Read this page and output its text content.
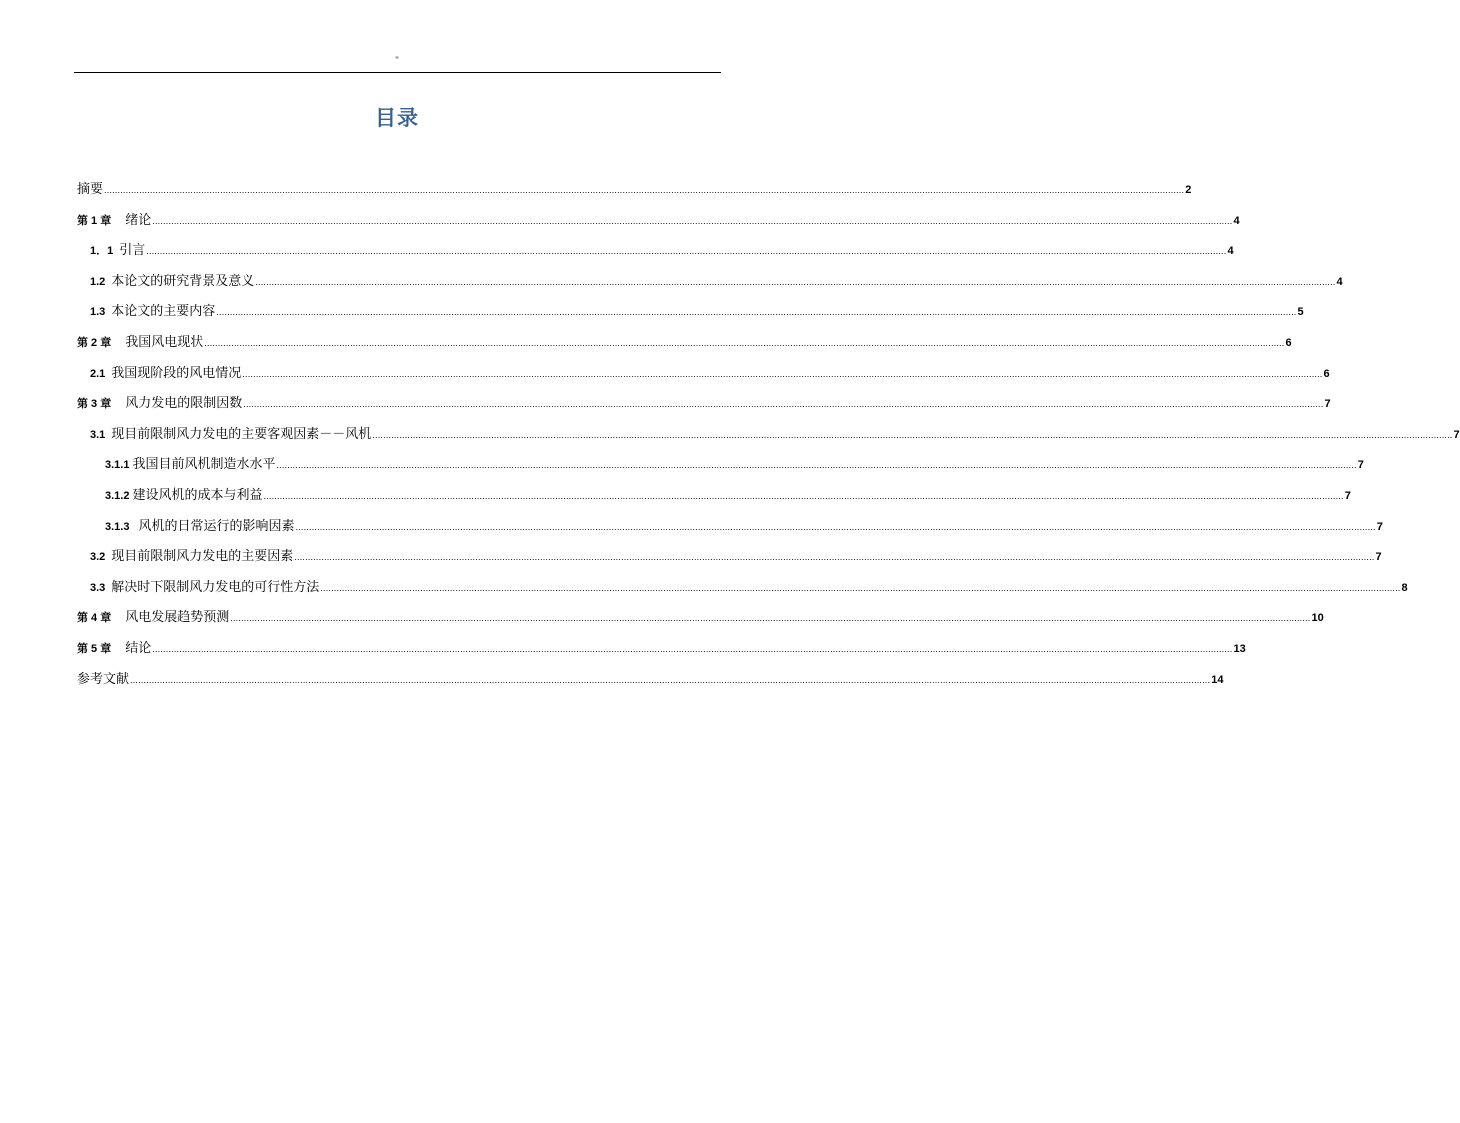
''
目录
摘要 ................................................................................................................................................................................................................................................................................................................................................................................................................ 2
第 1 章 绪论 ................................................................................................................................................................................................................................................................................................................................................................................................................ 4
1．1 引言 ................................................................................................................................................................................................................................................................................................................................................................................................................ 4
1.2 本论文的研究背景及意义 ................................................................................................................................................................................................................................................................................................................................................................................................................ 4
1.3 本论文的主要内容 ................................................................................................................................................................................................................................................................................................................................................................................................................ 5
第 2 章 我国风电现状 ................................................................................................................................................................................................................................................................................................................................................................................................................ 6
2.1 我国现阶段的风电情况 ................................................................................................................................................................................................................................................................................................................................................................................................................ 6
第 3 章 风力发电的限制因数 ................................................................................................................................................................................................................................................................................................................................................................................................................ 7
3.1 现目前限制风力发电的主要客观因素－－风机 ................................................................................................................................................................................................................................................................................................................................................................................................................ 7
3.1.1 我国目前风机制造水水平 ................................................................................................................................................................................................................................................................................................................................................................................................................ 7
3.1.2 建设风机的成本与利益 ................................................................................................................................................................................................................................................................................................................................................................................................................ 7
3.1.3 风机的日常运行的影响因素 ................................................................................................................................................................................................................................................................................................................................................................................................................ 7
3.2 现目前限制风力发电的主要因素 ................................................................................................................................................................................................................................................................................................................................................................................................................ 7
3.3 解决时下限制风力发电的可行性方法 ................................................................................................................................................................................................................................................................................................................................................................................................................ 8
第 4 章 风电发展趋势预测 ................................................................................................................................................................................................................................................................................................................................................................................................................ 10
第 5 章 结论 ................................................................................................................................................................................................................................................................................................................................................................................................................ 13
参考文献 ................................................................................................................................................................................................................................................................................................................................................................................................................ 14
